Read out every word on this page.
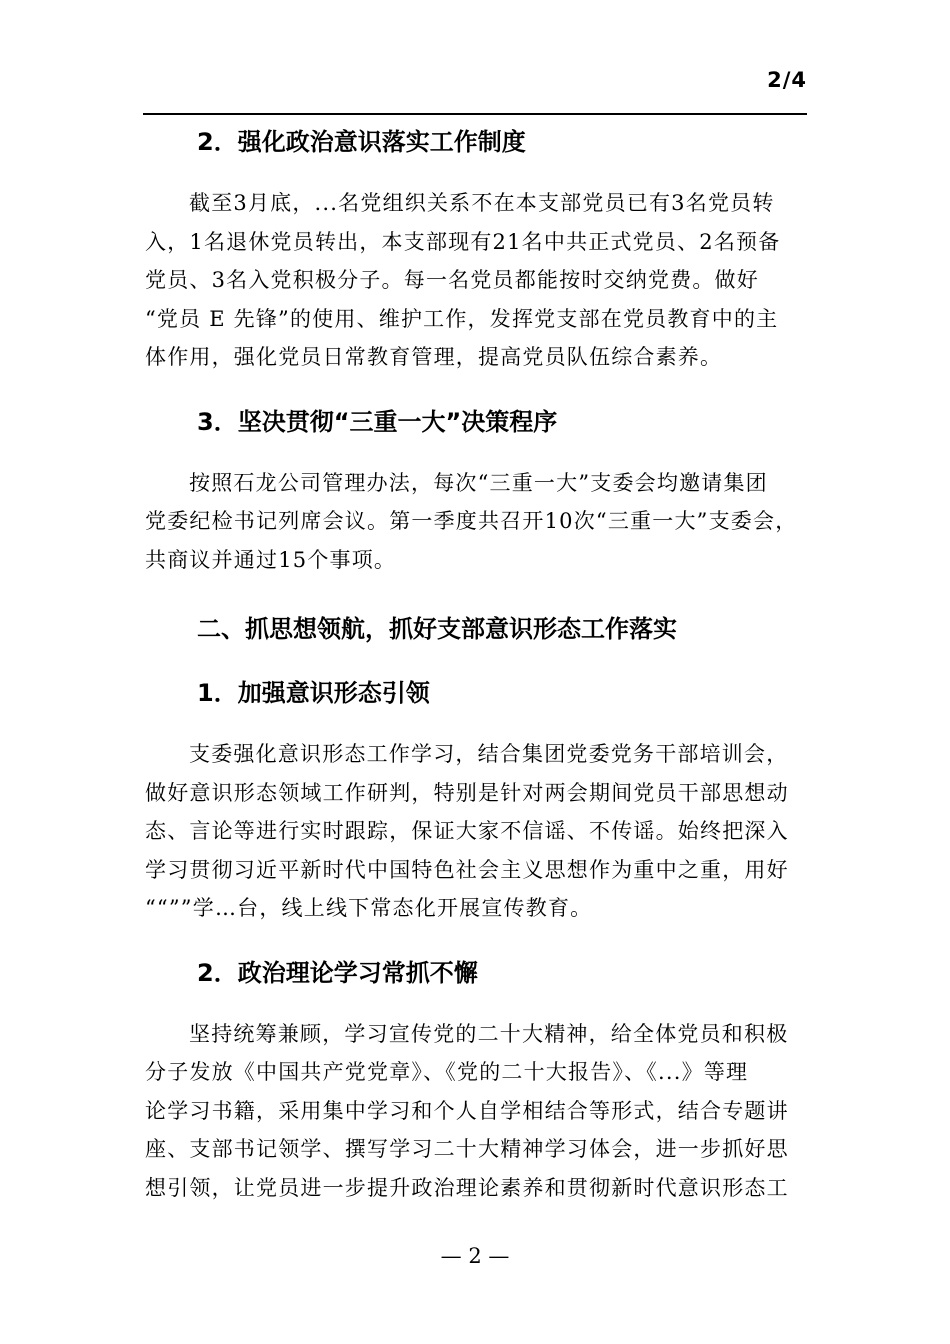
2/4
2．强化政治意识落实工作制度
截至3月底，...名党组织关系不在本支部党员已有3名党员转
入，1名退休党员转出，本支部现有21名中共正式党员、2名预备
党员、3名入党积极分子。每一名党员都能按时交纳党费。做好
“党员 E 先锋”的使用、维护工作，发挥党支部在党员教育中的主
体作用，强化党员日常教育管理，提高党员队伍综合素养。
3．坚决贯彻“三重一大”决策程序
按照石龙公司管理办法，每次“三重一大”支委会均邀请集团
党委纪检书记列席会议。第一季度共召开10次“三重一大”支委会，
共商议并通过15个事项。
二、抓思想领航，抓好支部意识形态工作落实
1．加强意识形态引领
支委强化意识形态工作学习，结合集团党委党务干部培训会，
做好意识形态领域工作研判，特别是针对两会期间党员干部思想动
态、言论等进行实时跟踪，保证大家不信谣、不传谣。始终把深入
学习贯彻习近平新时代中国特色社会主义思想作为重中之重，用好
““””学…台，线上线下常态化开展宣传教育。
2．政治理论学习常抓不懈
坚持统筹兼顾，学习宣传党的二十大精神，给全体党员和积极
分子发放《中国共产党党章》、《党的二十大报告》、《...》等理
论学习书籍，采用集中学习和个人自学相结合等形式，结合专题讲
座、支部书记领学、撰写学习二十大精神学习体会，进一步抓好思
想引领，让党员进一步提升政治理论素养和贯彻新时代意识形态工
— 2 —
